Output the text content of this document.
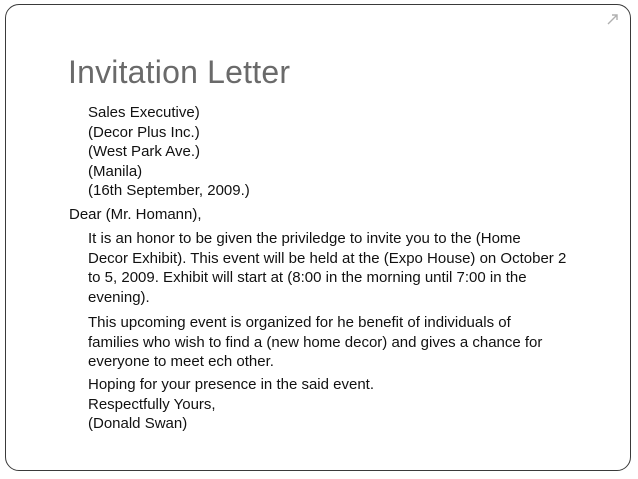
Invitation Letter
Sales Executive)
(Decor Plus Inc.)
(West Park Ave.)
(Manila)
(16th September, 2009.)
Dear (Mr. Homann),
It is an honor to be given the priviledge to invite you to the (Home
Decor Exhibit). This event will be held at the (Expo House) on October 2
to 5, 2009. Exhibit will start at (8:00 in the morning until 7:00 in the
evening).
This upcoming event is organized for he benefit of individuals of
families who wish to find a (new home decor) and gives a chance for
everyone to meet ech other.
Hoping for your presence in the said event.
Respectfully Yours,
(Donald Swan)
